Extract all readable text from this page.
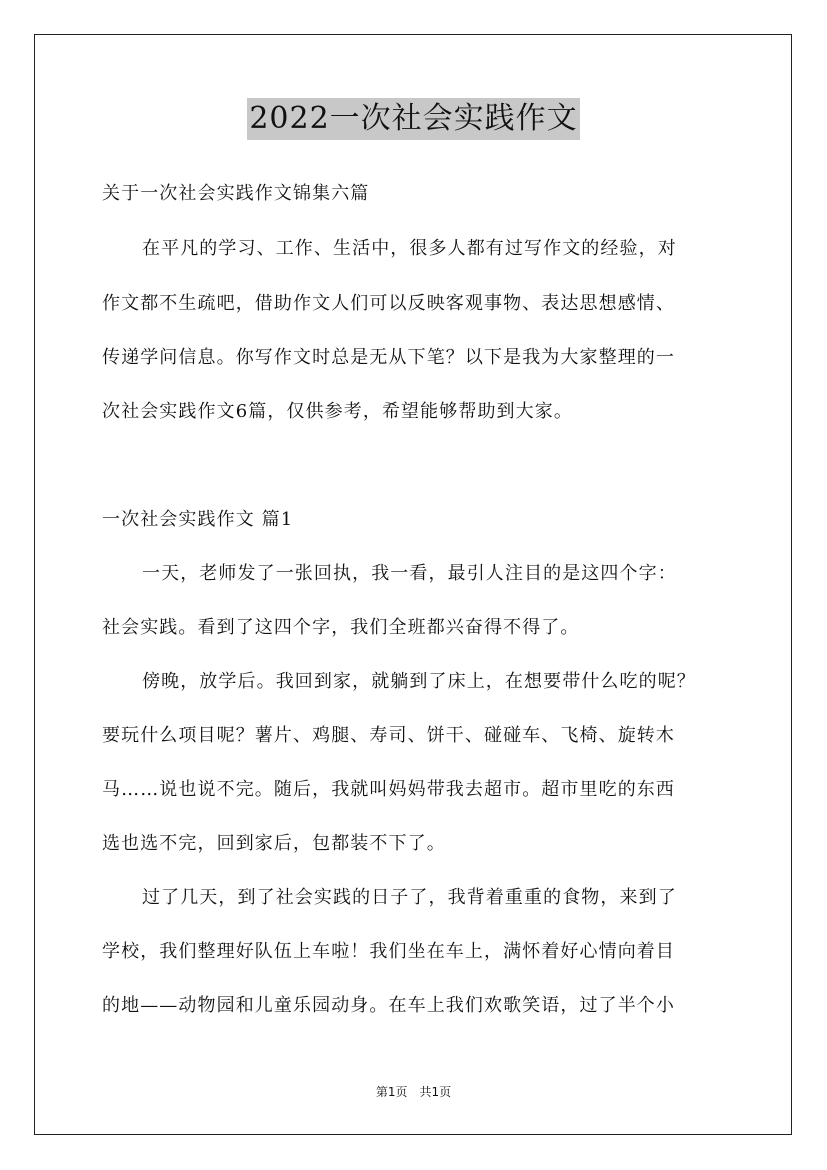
2022一次社会实践作文
关于一次社会实践作文锦集六篇
在平凡的学习、工作、生活中，很多人都有过写作文的经验，对
作文都不生疏吧，借助作文人们可以反映客观事物、表达思想感情、
传递学问信息。你写作文时总是无从下笔？以下是我为大家整理的一
次社会实践作文6篇，仅供参考，希望能够帮助到大家。
一次社会实践作文 篇1
一天，老师发了一张回执，我一看，最引人注目的是这四个字：
社会实践。看到了这四个字，我们全班都兴奋得不得了。
傍晚，放学后。我回到家，就躺到了床上，在想要带什么吃的呢？
要玩什么项目呢？薯片、鸡腿、寿司、饼干、碰碰车、飞椅、旋转木
马……说也说不完。随后，我就叫妈妈带我去超市。超市里吃的东西
选也选不完，回到家后，包都装不下了。
过了几天，到了社会实践的日子了，我背着重重的食物，来到了
学校，我们整理好队伍上车啦！我们坐在车上，满怀着好心情向着目
的地——动物园和儿童乐园动身。在车上我们欢歌笑语，过了半个小
第1页 共1页
